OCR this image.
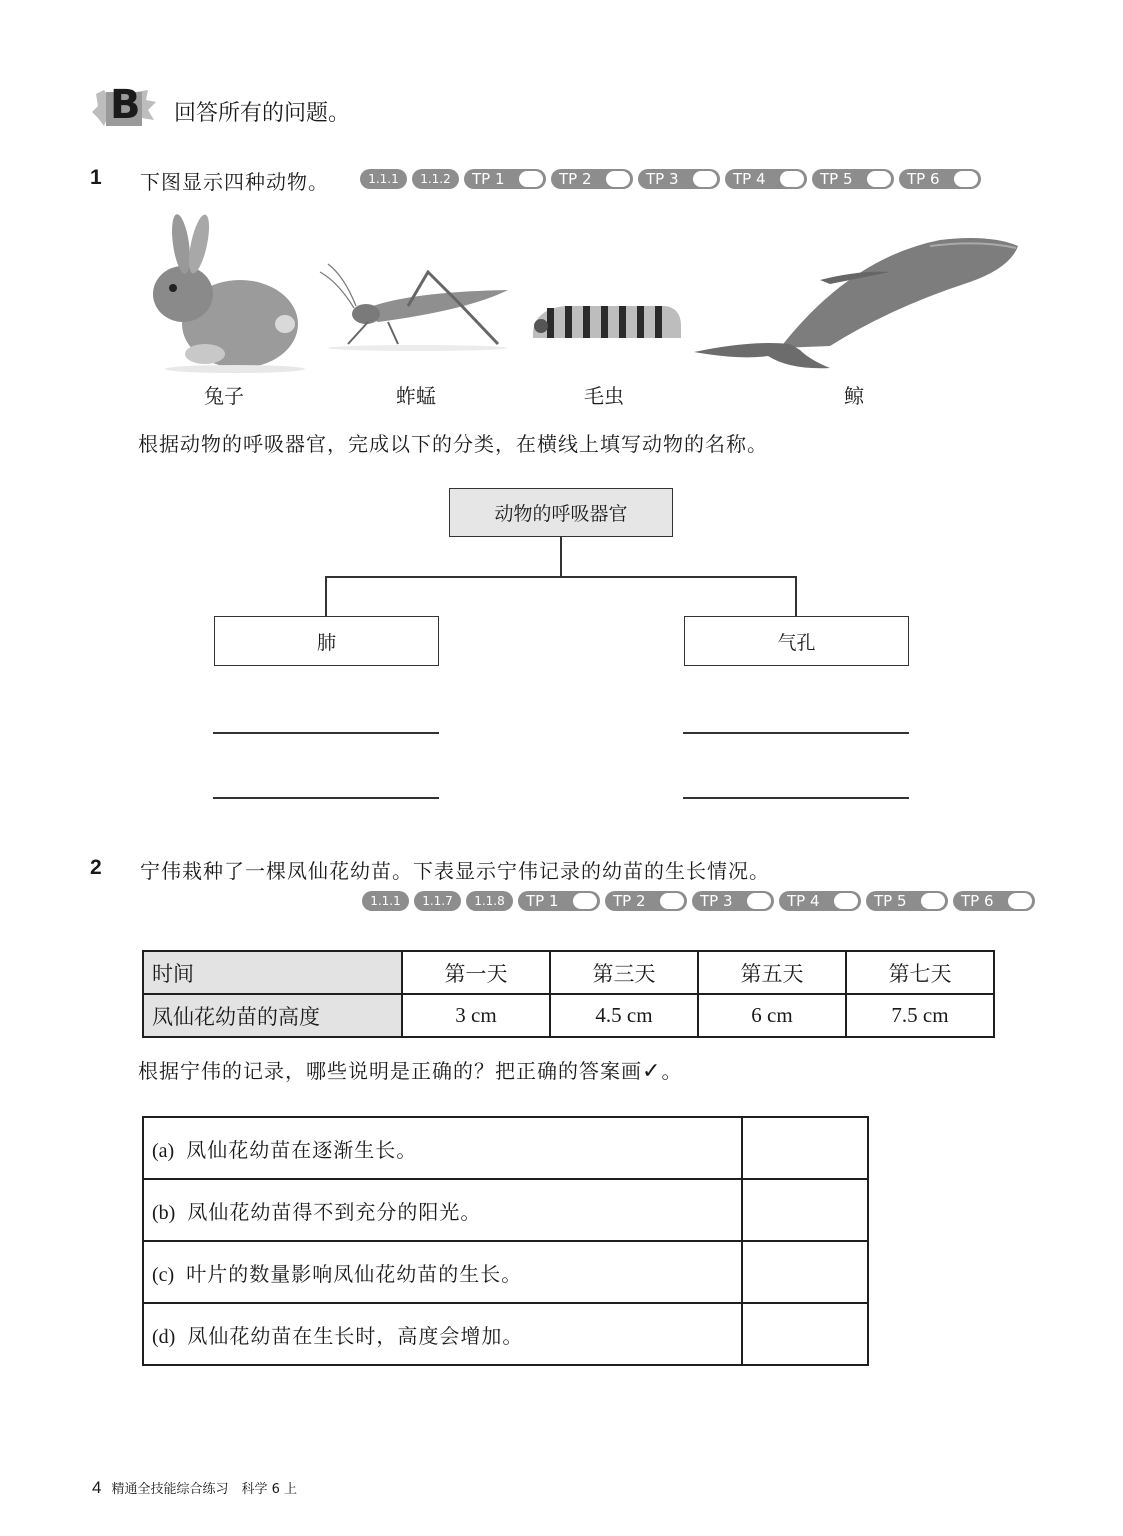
B 回答所有的问题。
1 下图显示四种动物。	1.1.1	1.1.2	TP 1	TP 2	TP 3	TP 4	TP 5	TP 6
兔子	蚱蜢	毛虫	鲸
根据动物的呼吸器官，完成以下的分类，在横线上填写动物的名称。
动物的呼吸器官
肺	气孔
2 宁伟栽种了一棵凤仙花幼苗。下表显示宁伟记录的幼苗的生长情况。
1.1.1	1.1.7	1.1.8	TP 1	TP 2	TP 3	TP 4	TP 5	TP 6
时间	第一天	第三天	第五天	第七天
凤仙花幼苗的高度	3 cm	4.5 cm	6 cm	7.5 cm
根据宁伟的记录，哪些说明是正确的？把正确的答案画✓。
(a) 凤仙花幼苗在逐渐生长。	
(b) 凤仙花幼苗得不到充分的阳光。	
(c) 叶片的数量影响凤仙花幼苗的生长。	
(d) 凤仙花幼苗在生长时，高度会增加。	
4 精通全技能综合练习　科学 6 上
